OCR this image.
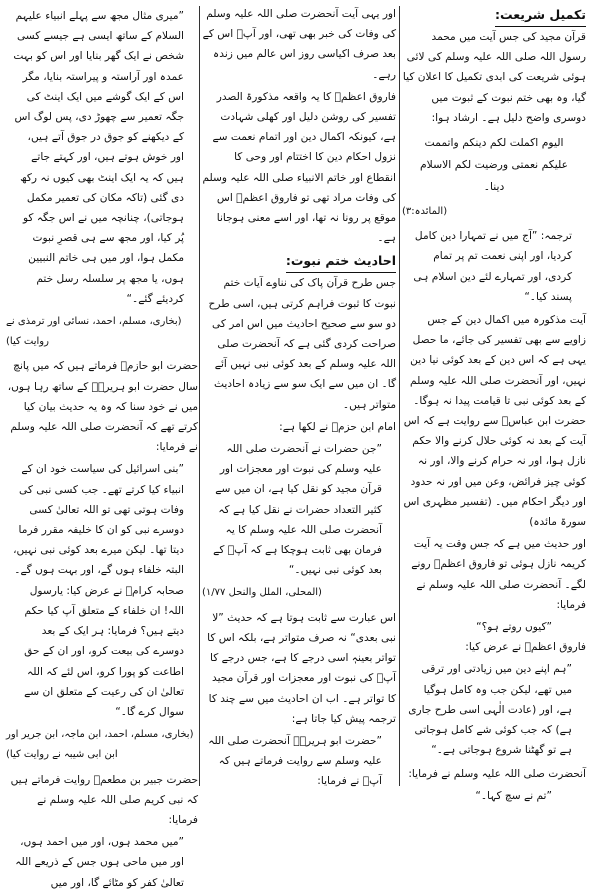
تکمیل شریعت:

قرآن مجید کی جس آیت میں محمد رسول اللہ صلی اللہ علیہ وسلم کی لائی ہوئی شریعت کی ابدی تکمیل کا اعلان کیا گیا، وہ بھی ختم نبوت کے ثبوت میں دوسری واضح دلیل ہے۔ ارشاد ہوا:

الیوم اکملت لکم دینکم واتممت علیکم نعمتی ورضیت لکم الاسلام دینا۔

(المائدہ:۳)

ترجمہ: ”آج میں نے تمہارا دین کامل کردیا، اور اپنی نعمت تم پر تمام کردی، اور تمہارے لئے دین اسلام ہی پسند کیا۔“

آیت مذکورہ میں اکمال دین کے جس زاویے سے بھی تفسیر کی جائے، ما حصل یہی ہے کہ اس دین کے بعد کوئی نیا دین نہیں، اور آنحضرت صلی اللہ علیہ وسلم کے بعد کوئی نبی تا قیامت پیدا نہ ہوگا۔ حضرت ابن عباسؓ سے روایت ہے کہ اس آیت کے بعد نہ کوئی حلال کرنے والا حکم نازل ہوا، اور نہ حرام کرنے والا، اور نہ کوئی چیز فرائض، وعن میں اور نہ حدود اور دیگر احکام میں۔ (تفسیر مظہری اس سورۃ مائدہ)

اور حدیث میں ہے کہ جس وقت یہ آیت کریمہ نازل ہوئی تو فاروق اعظمؓ رونے لگے۔ آنحضرت صلی اللہ علیہ وسلم نے فرمایا:

”کیوں روتے ہو؟“

فاروق اعظمؓ نے عرض کیا:

”ہم اپنے دین میں زیادتی اور ترقی میں تھے، لیکن جب وہ کامل ہوگیا ہے، اور (عادت الٰہی اسی طرح جاری ہے) کہ جب کوئی شے کامل ہوجاتی ہے تو گھٹنا شروع ہوجاتی ہے۔“

آنحضرت صلی اللہ علیہ وسلم نے فرمایا:

”تم نے سچ کہا۔“

اور یہی آیت آنحضرت صلی اللہ علیہ وسلم کی وفات کی خبر بھی تھی، اور آپؐ اس کے بعد صرف اکیاسی روز اس عالم میں زندہ رہے۔

فاروق اعظمؓ کا یہ واقعہ مذکورۃ الصدر تفسیر کی روشن دلیل اور کھلی شہادت ہے، کیونکہ اکمال دین اور اتمام نعمت سے نزول احکام دین کا اختتام اور وحی کا انقطاع اور خاتم الانبیاء صلی اللہ علیہ وسلم کی وفات مراد تھی تو فاروق اعظمؓ اس موقع پر رونا نہ تھا، اور اسے معنی ہوجانا ہے۔

احادیث ختم نبوت:

جس طرح قرآن پاک کی نناوے آیات ختم نبوت کا ثبوت فراہم کرتی ہیں، اسی طرح دو سو سے صحیح احادیث میں اس امر کی صراحت کردی گئی ہے کہ آنحضرت صلی اللہ علیہ وسلم کے بعد کوئی نبی نہیں آئے گا۔ ان میں سے ایک سو سے زیادہ احادیث متواتر ہیں۔

امام ابن حزمؒ نے لکھا ہے:

”جن حضرات نے آنحضرت صلی اللہ علیہ وسلم کی نبوت اور معجزات اور قرآن مجید کو نقل کیا ہے، ان میں سے کثیر التعداد حضرات نے نقل کیا ہے کہ آنحضرت صلی اللہ علیہ وسلم کا یہ فرمان بھی ثابت ہوچکا ہے کہ آپؐ کے بعد کوئی نبی نہیں۔“

(المحلی، الملل والنحل ۱/۷۷)

اس عبارت سے ثابت ہوتا ہے کہ حدیث ”لا نبی بعدی“ نہ صرف متواتر ہے، بلکہ اس کا تواتر بعینہٖ اسی درجے کا ہے، جس درجے کا آپؐ کی نبوت اور معجزات اور قرآن مجید کا تواتر ہے۔ اب ان احادیث میں سے چند کا ترجمہ پیش کیا جاتا ہے:

”حضرت ابو ہریرہؓ آنحضرت صلی اللہ علیہ وسلم سے روایت فرماتے ہیں کہ آپؐ نے فرمایا:

”میری مثال مجھ سے پہلے انبیاء علیہم السلام کے ساتھ ایسی ہے جیسے کسی شخص نے ایک گھر بنایا اور اس کو بہت عمدہ اور آراستہ و پیراستہ بنایا، مگر اس کے ایک گوشے میں ایک اینٹ کی جگہ تعمیر سے چھوڑ دی، پس لوگ اس کے دیکھنے کو جوق در جوق آتے ہیں، اور خوش ہوتے ہیں، اور کہتے جاتے ہیں کہ یہ ایک اینٹ بھی کیوں نہ رکھ دی گئی (تاکہ مکان کی تعمیر مکمل ہوجاتی)، چنانچہ میں نے اس جگہ کو پُر کیا، اور مجھ سے ہی قصرِ نبوت مکمل ہوا، اور میں ہی خاتم النبیین ہوں، یا مجھ پر سلسلہ رسل ختم کردیئے گئے۔“

(بخاری، مسلم، احمد، نسائی اور ترمذی نے روایت کیا)

حضرت ابو حازمؒ فرماتے ہیں کہ میں پانچ سال حضرت ابو ہریرہؓ کے ساتھ رہا ہوں، میں نے خود سنا کہ وہ یہ حدیث بیان کیا کرتے تھے کہ آنحضرت صلی اللہ علیہ وسلم نے فرمایا:

”بنی اسرائیل کی سیاست خود ان کے انبیاء کیا کرتے تھے۔ جب کسی نبی کی وفات ہوتی تھی تو اللہ تعالیٰ کسی دوسرے نبی کو ان کا خلیفہ مقرر فرما دیتا تھا۔ لیکن میرے بعد کوئی نبی نہیں، البتہ خلفاء ہوں گے، اور بہت ہوں گے۔ صحابہ کرامؓ نے عرض کیا: یارسول اللہ! ان خلفاء کے متعلق آپ کیا حکم دیتے ہیں؟ فرمایا: ہر ایک کے بعد دوسرے کی بیعت کرو، اور ان کے حق اطاعت کو پورا کرو، اس لئے کہ اللہ تعالیٰ ان کی رعیت کے متعلق ان سے سوال کرے گا۔“

(بخاری، مسلم، احمد، ابن ماجہ، ابن جریر اور ابن ابی شیبہ نے روایت کیا)

حضرت جبیر بن مطعمؓ روایت فرماتے ہیں کہ نبی کریم صلی اللہ علیہ وسلم نے فرمایا:

”میں محمد ہوں، اور میں احمد ہوں، اور میں ماحی ہوں جس کے ذریعے اللہ تعالیٰ کفر کو مٹائے گا، اور میں
